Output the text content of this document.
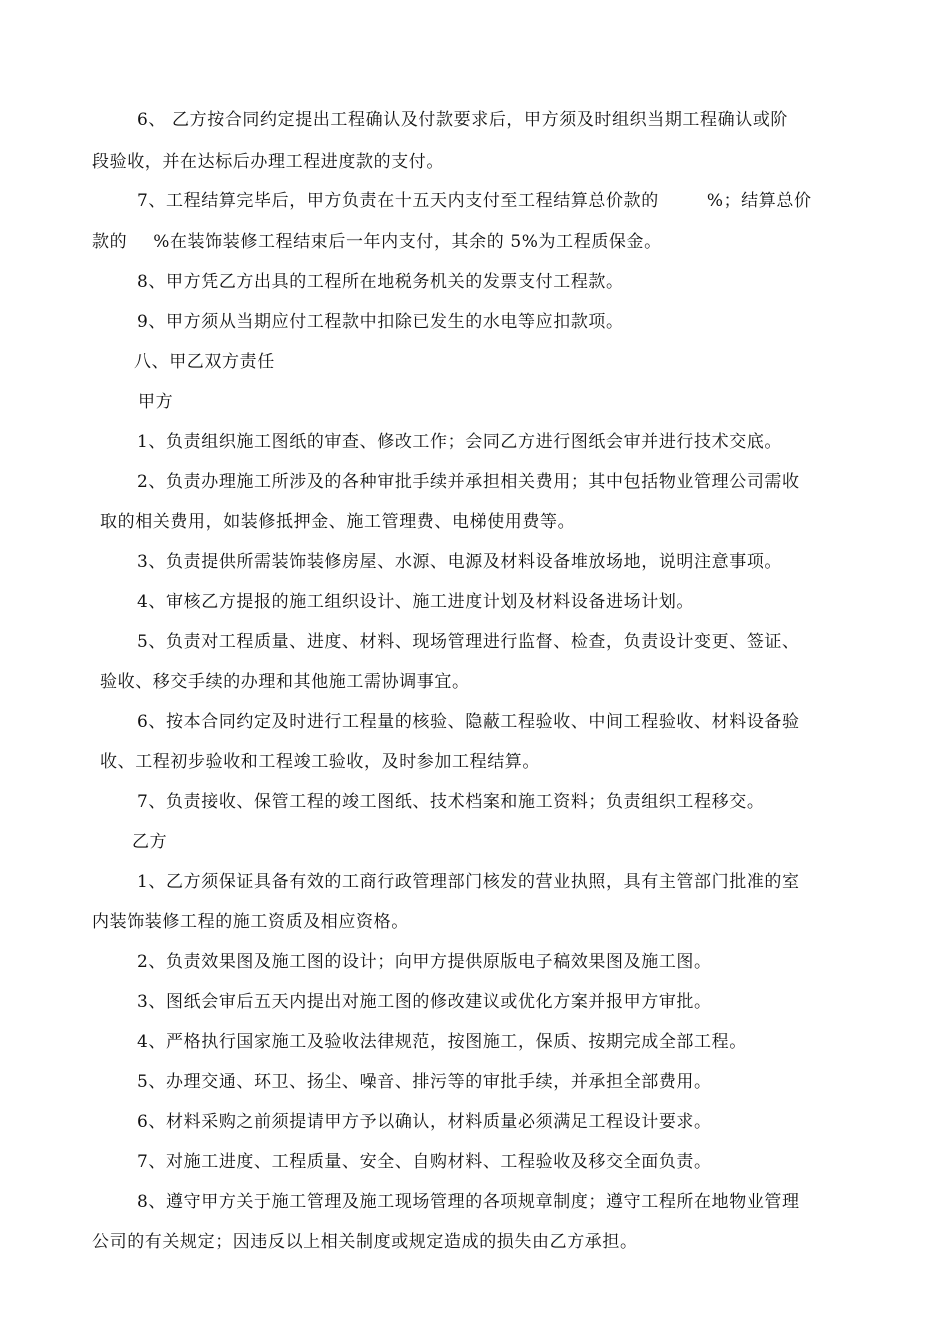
6、 乙方按合同约定提出工程确认及付款要求后，甲方须及时组织当期工程确认或阶
段验收，并在达标后办理工程进度款的支付。
7、工程结算完毕后，甲方负责在十五天内支付至工程结算总价款的	%；结算总价
款的 %在装饰装修工程结束后一年内支付，其余的 5%为工程质保金。
8、甲方凭乙方出具的工程所在地税务机关的发票支付工程款。
9、甲方须从当期应付工程款中扣除已发生的水电等应扣款项。
八、甲乙双方责任
甲方
1、负责组织施工图纸的审查、修改工作；会同乙方进行图纸会审并进行技术交底。
2、负责办理施工所涉及的各种审批手续并承担相关费用；其中包括物业管理公司需收
取的相关费用，如装修抵押金、施工管理费、电梯使用费等。
3、负责提供所需装饰装修房屋、水源、电源及材料设备堆放场地，说明注意事项。
4、审核乙方提报的施工组织设计、施工进度计划及材料设备进场计划。
5、负责对工程质量、进度、材料、现场管理进行监督、检查，负责设计变更、签证、
验收、移交手续的办理和其他施工需协调事宜。
6、按本合同约定及时进行工程量的核验、隐蔽工程验收、中间工程验收、材料设备验
收、工程初步验收和工程竣工验收，及时参加工程结算。
7、负责接收、保管工程的竣工图纸、技术档案和施工资料；负责组织工程移交。
乙方
1、乙方须保证具备有效的工商行政管理部门核发的营业执照，具有主管部门批准的室
内装饰装修工程的施工资质及相应资格。
2、负责效果图及施工图的设计；向甲方提供原版电子稿效果图及施工图。
3、图纸会审后五天内提出对施工图的修改建议或优化方案并报甲方审批。
4、严格执行国家施工及验收法律规范，按图施工，保质、按期完成全部工程。
5、办理交通、环卫、扬尘、噪音、排污等的审批手续，并承担全部费用。
6、材料采购之前须提请甲方予以确认，材料质量必须满足工程设计要求。
7、对施工进度、工程质量、安全、自购材料、工程验收及移交全面负责。
8、遵守甲方关于施工管理及施工现场管理的各项规章制度；遵守工程所在地物业管理
公司的有关规定；因违反以上相关制度或规定造成的损失由乙方承担。
